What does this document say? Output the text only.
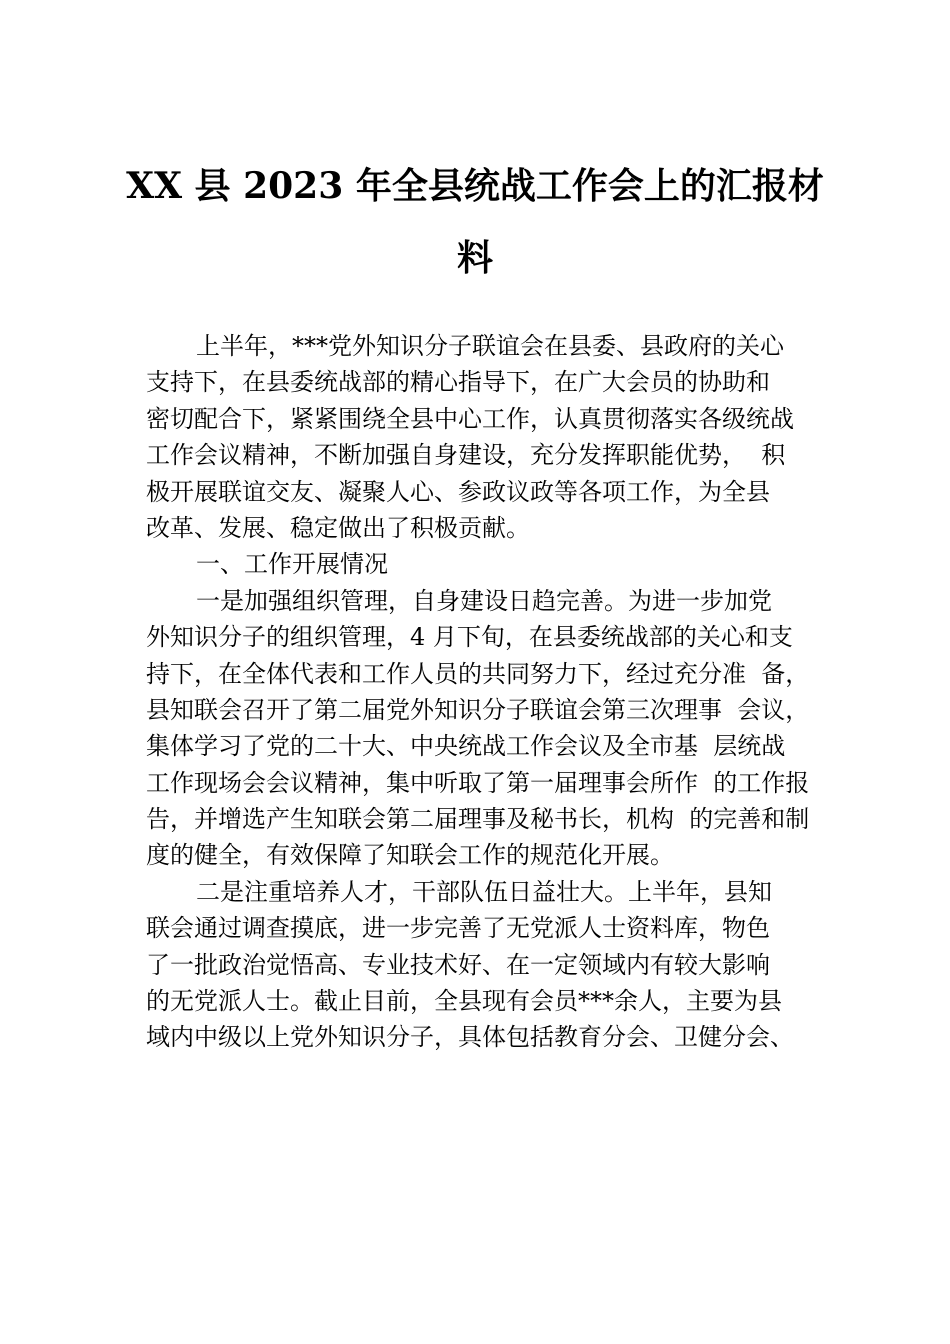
XX 县 2023 年全县统战工作会上的汇报材
料
上半年，***党外知识分子联谊会在县委、县政府的关心
支持下，在县委统战部的精心指导下，在广大会员的协助和
密切配合下，紧紧围绕全县中心工作，认真贯彻落实各级统战
工作会议精神，不断加强自身建设，充分发挥职能优势，  积
极开展联谊交友、凝聚人心、参政议政等各项工作，为全县
改革、发展、稳定做出了积极贡献。
一、工作开展情况
一是加强组织管理，自身建设日趋完善。为进一步加党
外知识分子的组织管理，4 月下旬，在县委统战部的关心和支
持下，在全体代表和工作人员的共同努力下，经过充分准  备，
县知联会召开了第二届党外知识分子联谊会第三次理事  会议，
集体学习了党的二十大、中央统战工作会议及全市基  层统战
工作现场会会议精神，集中听取了第一届理事会所作  的工作报
告，并增选产生知联会第二届理事及秘书长，机构  的完善和制
度的健全，有效保障了知联会工作的规范化开展。
二是注重培养人才，干部队伍日益壮大。上半年，县知
联会通过调查摸底，进一步完善了无党派人士资料库，物色
了一批政治觉悟高、专业技术好、在一定领域内有较大影响
的无党派人士。截止目前，全县现有会员***余人，主要为县
域内中级以上党外知识分子，具体包括教育分会、卫健分会、
